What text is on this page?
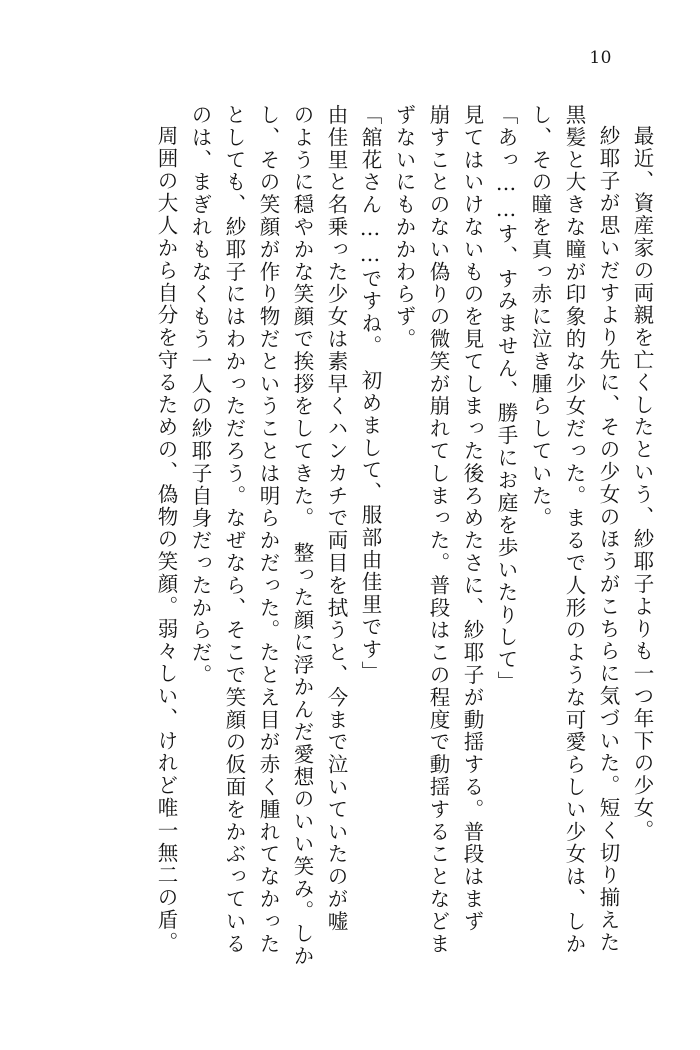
10
最近、資産家の両親を亡くしたという、紗耶子よりも一つ年下の少女。
紗耶子が思いだすより先に、その少女のほうがこちらに気づいた。短く切り揃えた
黒髪と大きな瞳が印象的な少女だった。まるで人形のような可愛らしい少女は、しか
し、その瞳を真っ赤に泣き腫らしていた。
「あっ……す、すみません、勝手にお庭を歩いたりして」
見てはいけないものを見てしまった後ろめたさに、紗耶子が動揺する。普段はまず
崩すことのない偽りの微笑が崩れてしまった。普段はこの程度で動揺することなどま
ずないにもかかわらず。
「舘花さん……ですね。　初めまして、服部由佳里です」
由佳里と名乗った少女は素早くハンカチで両目を拭うと、今まで泣いていたのが嘘
のように穏やかな笑顔で挨拶をしてきた。　整った顔に浮かんだ愛想のいい笑み。しか
し、その笑顔が作り物だということは明らかだった。たとえ目が赤く腫れてなかった
としても、紗耶子にはわかっただろう。なぜなら、そこで笑顔の仮面をかぶっている
のは、まぎれもなくもう一人の紗耶子自身だったからだ。
周囲の大人から自分を守るための、偽物の笑顔。弱々しい、けれど唯一無二の盾。
